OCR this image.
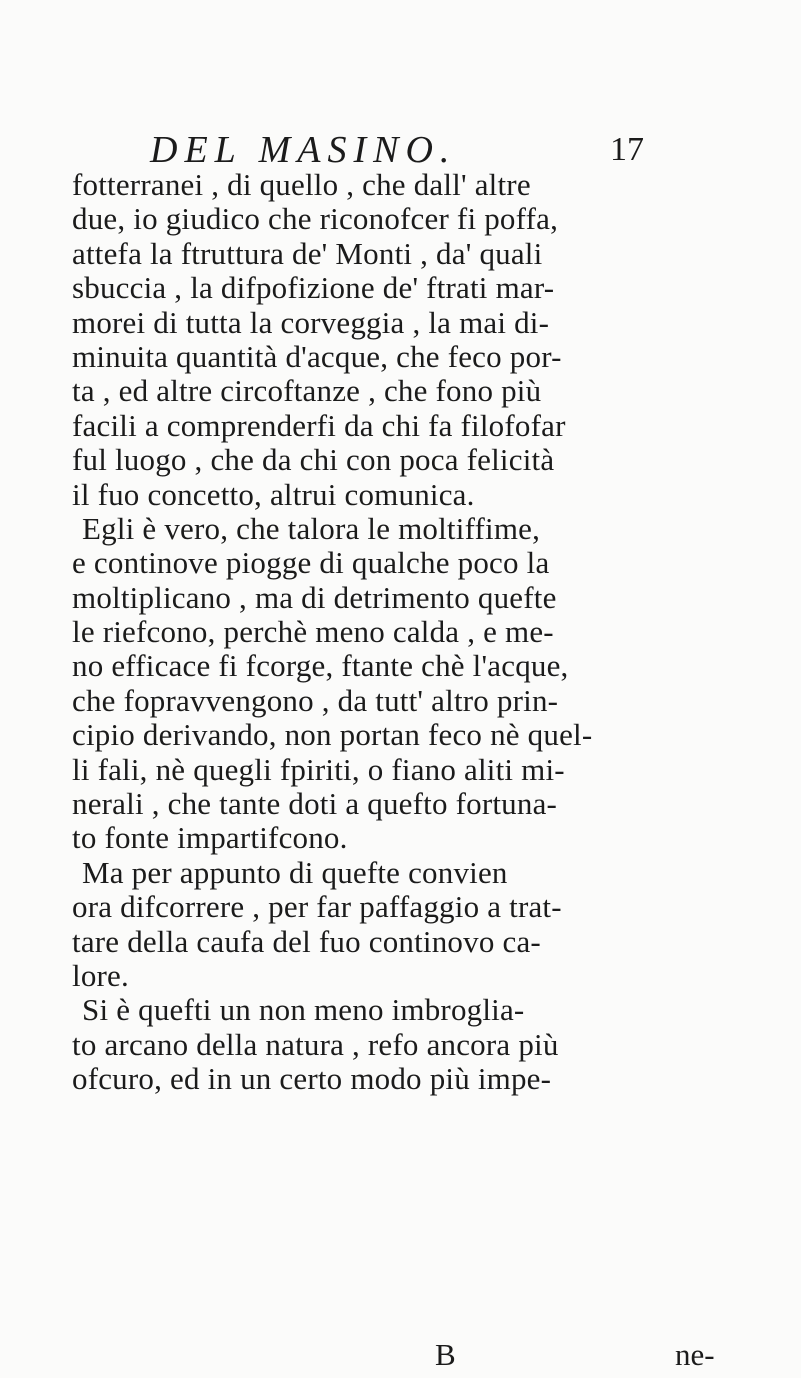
DEL MASINO.	17
fotterranei , di quello , che dall' altre
due, io giudico che riconofcer fi poffa,
attefa la ftruttura de' Monti , da' quali
sbuccia , la difpofizione de' ftrati mar-
morei di tutta la corveggia , la mai di-
minuita quantità d'acque, che feco por-
ta , ed altre circoftanze , che fono più
facili a comprenderfi da chi fa filofofar
ful luogo , che da chi con poca felicità
il fuo concetto, altrui comunica.
Egli è vero, che talora le moltiffime,
e continove piogge di qualche poco la
moltiplicano , ma di detrimento quefte
le riefcono, perchè meno calda , e me-
no efficace fi fcorge, ftante chè l'acque,
che fopravvengono , da tutt' altro prin-
cipio derivando, non portan feco nè quel-
li fali, nè quegli fpiriti, o fiano aliti mi-
nerali , che tante doti a quefto fortuna-
to fonte impartifcono.
Ma per appunto di quefte convien
ora difcorrere , per far paffaggio a trat-
tare della caufa del fuo continovo ca-
lore.
Si è quefti un non meno imbroglia-
to arcano della natura , refo ancora più
ofcuro, ed in un certo modo più impe-
B	ne-
